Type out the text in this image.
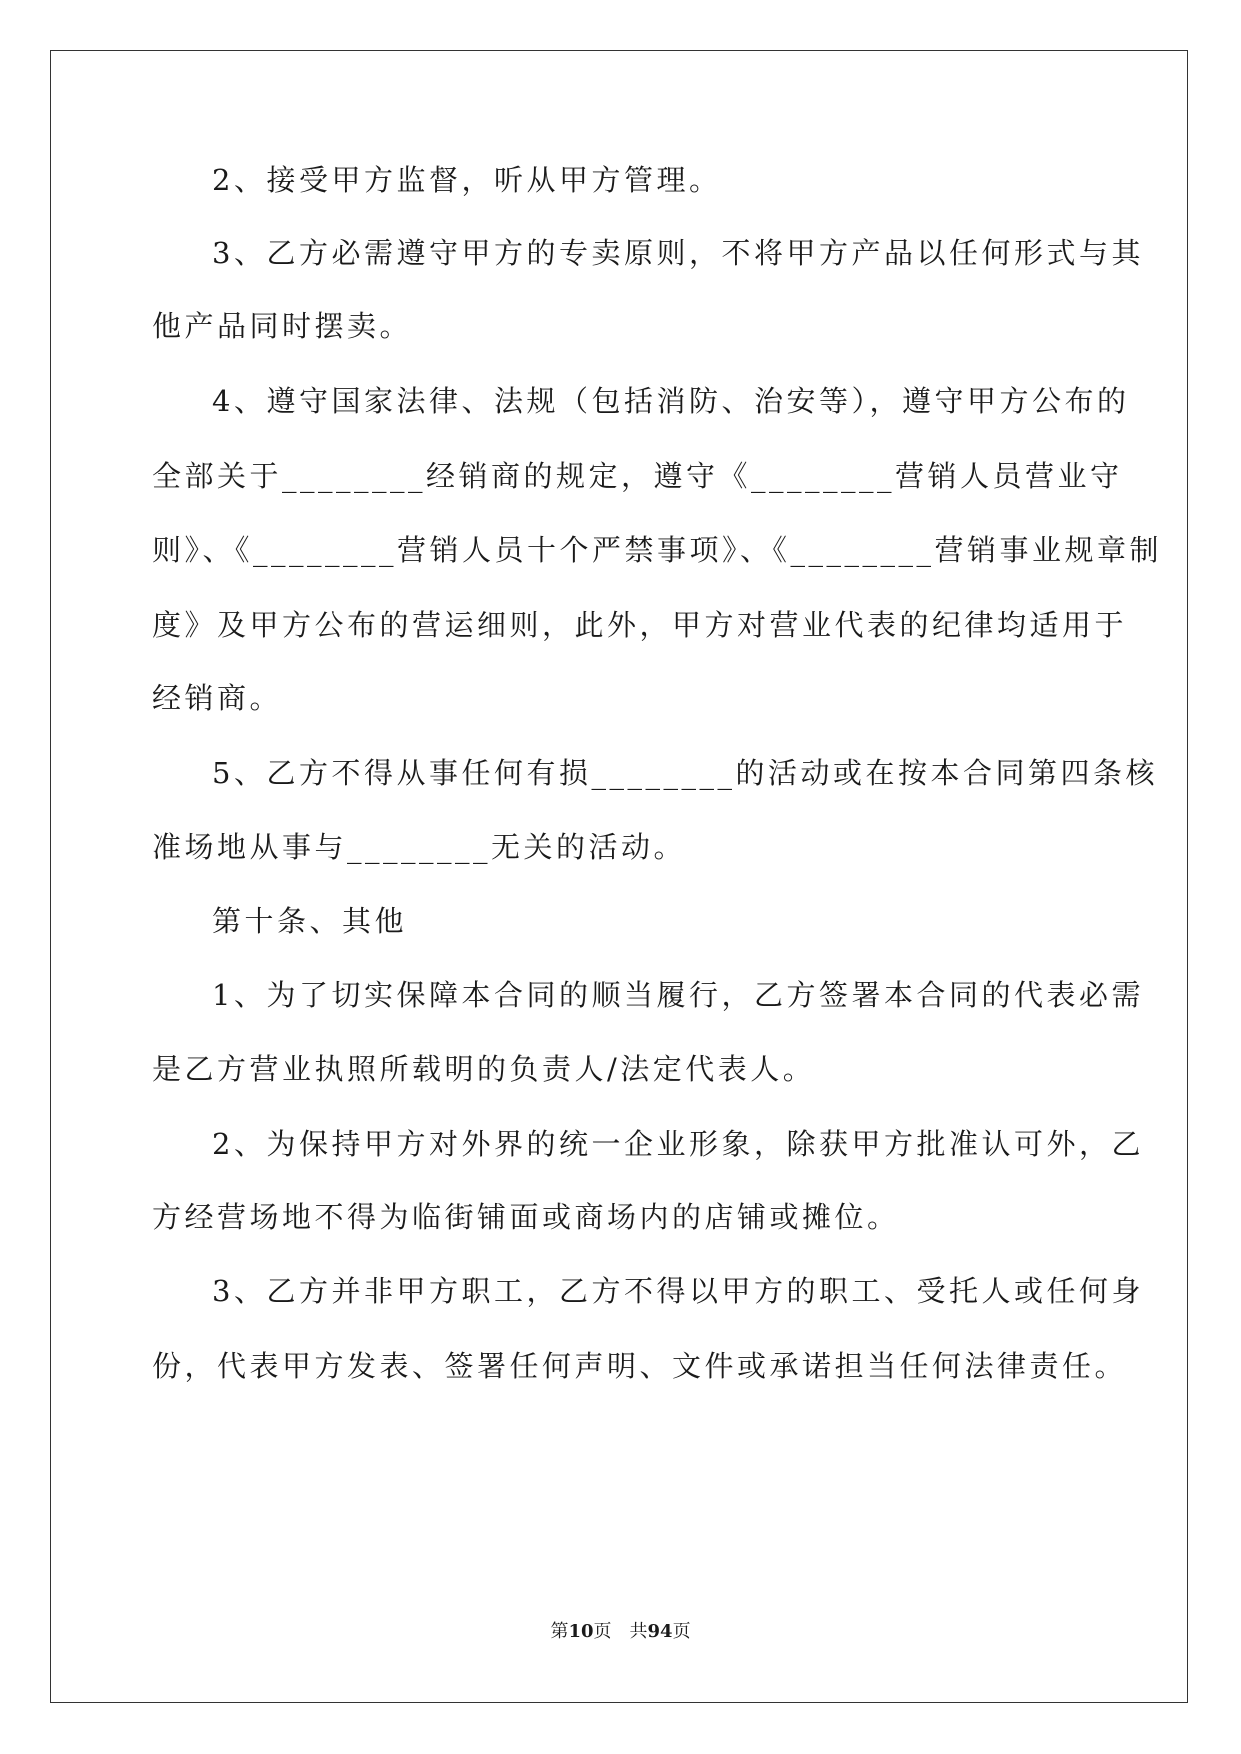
2、接受甲方监督，听从甲方管理。
3、乙方必需遵守甲方的专卖原则，不将甲方产品以任何形式与其
他产品同时摆卖。
4、遵守国家法律、法规（包括消防、治安等），遵守甲方公布的
全部关于________经销商的规定，遵守《________营销人员营业守
则》、《________营销人员十个严禁事项》、《________营销事业规章制
度》及甲方公布的营运细则，此外，甲方对营业代表的纪律均适用于
经销商。
5、乙方不得从事任何有损________的活动或在按本合同第四条核
准场地从事与________无关的活动。
第十条、其他
1、为了切实保障本合同的顺当履行，乙方签署本合同的代表必需
是乙方营业执照所载明的负责人/法定代表人。
2、为保持甲方对外界的统一企业形象，除获甲方批准认可外，乙
方经营场地不得为临街铺面或商场内的店铺或摊位。
3、乙方并非甲方职工，乙方不得以甲方的职工、受托人或任何身
份，代表甲方发表、签署任何声明、文件或承诺担当任何法律责任。
第10页　共94页
